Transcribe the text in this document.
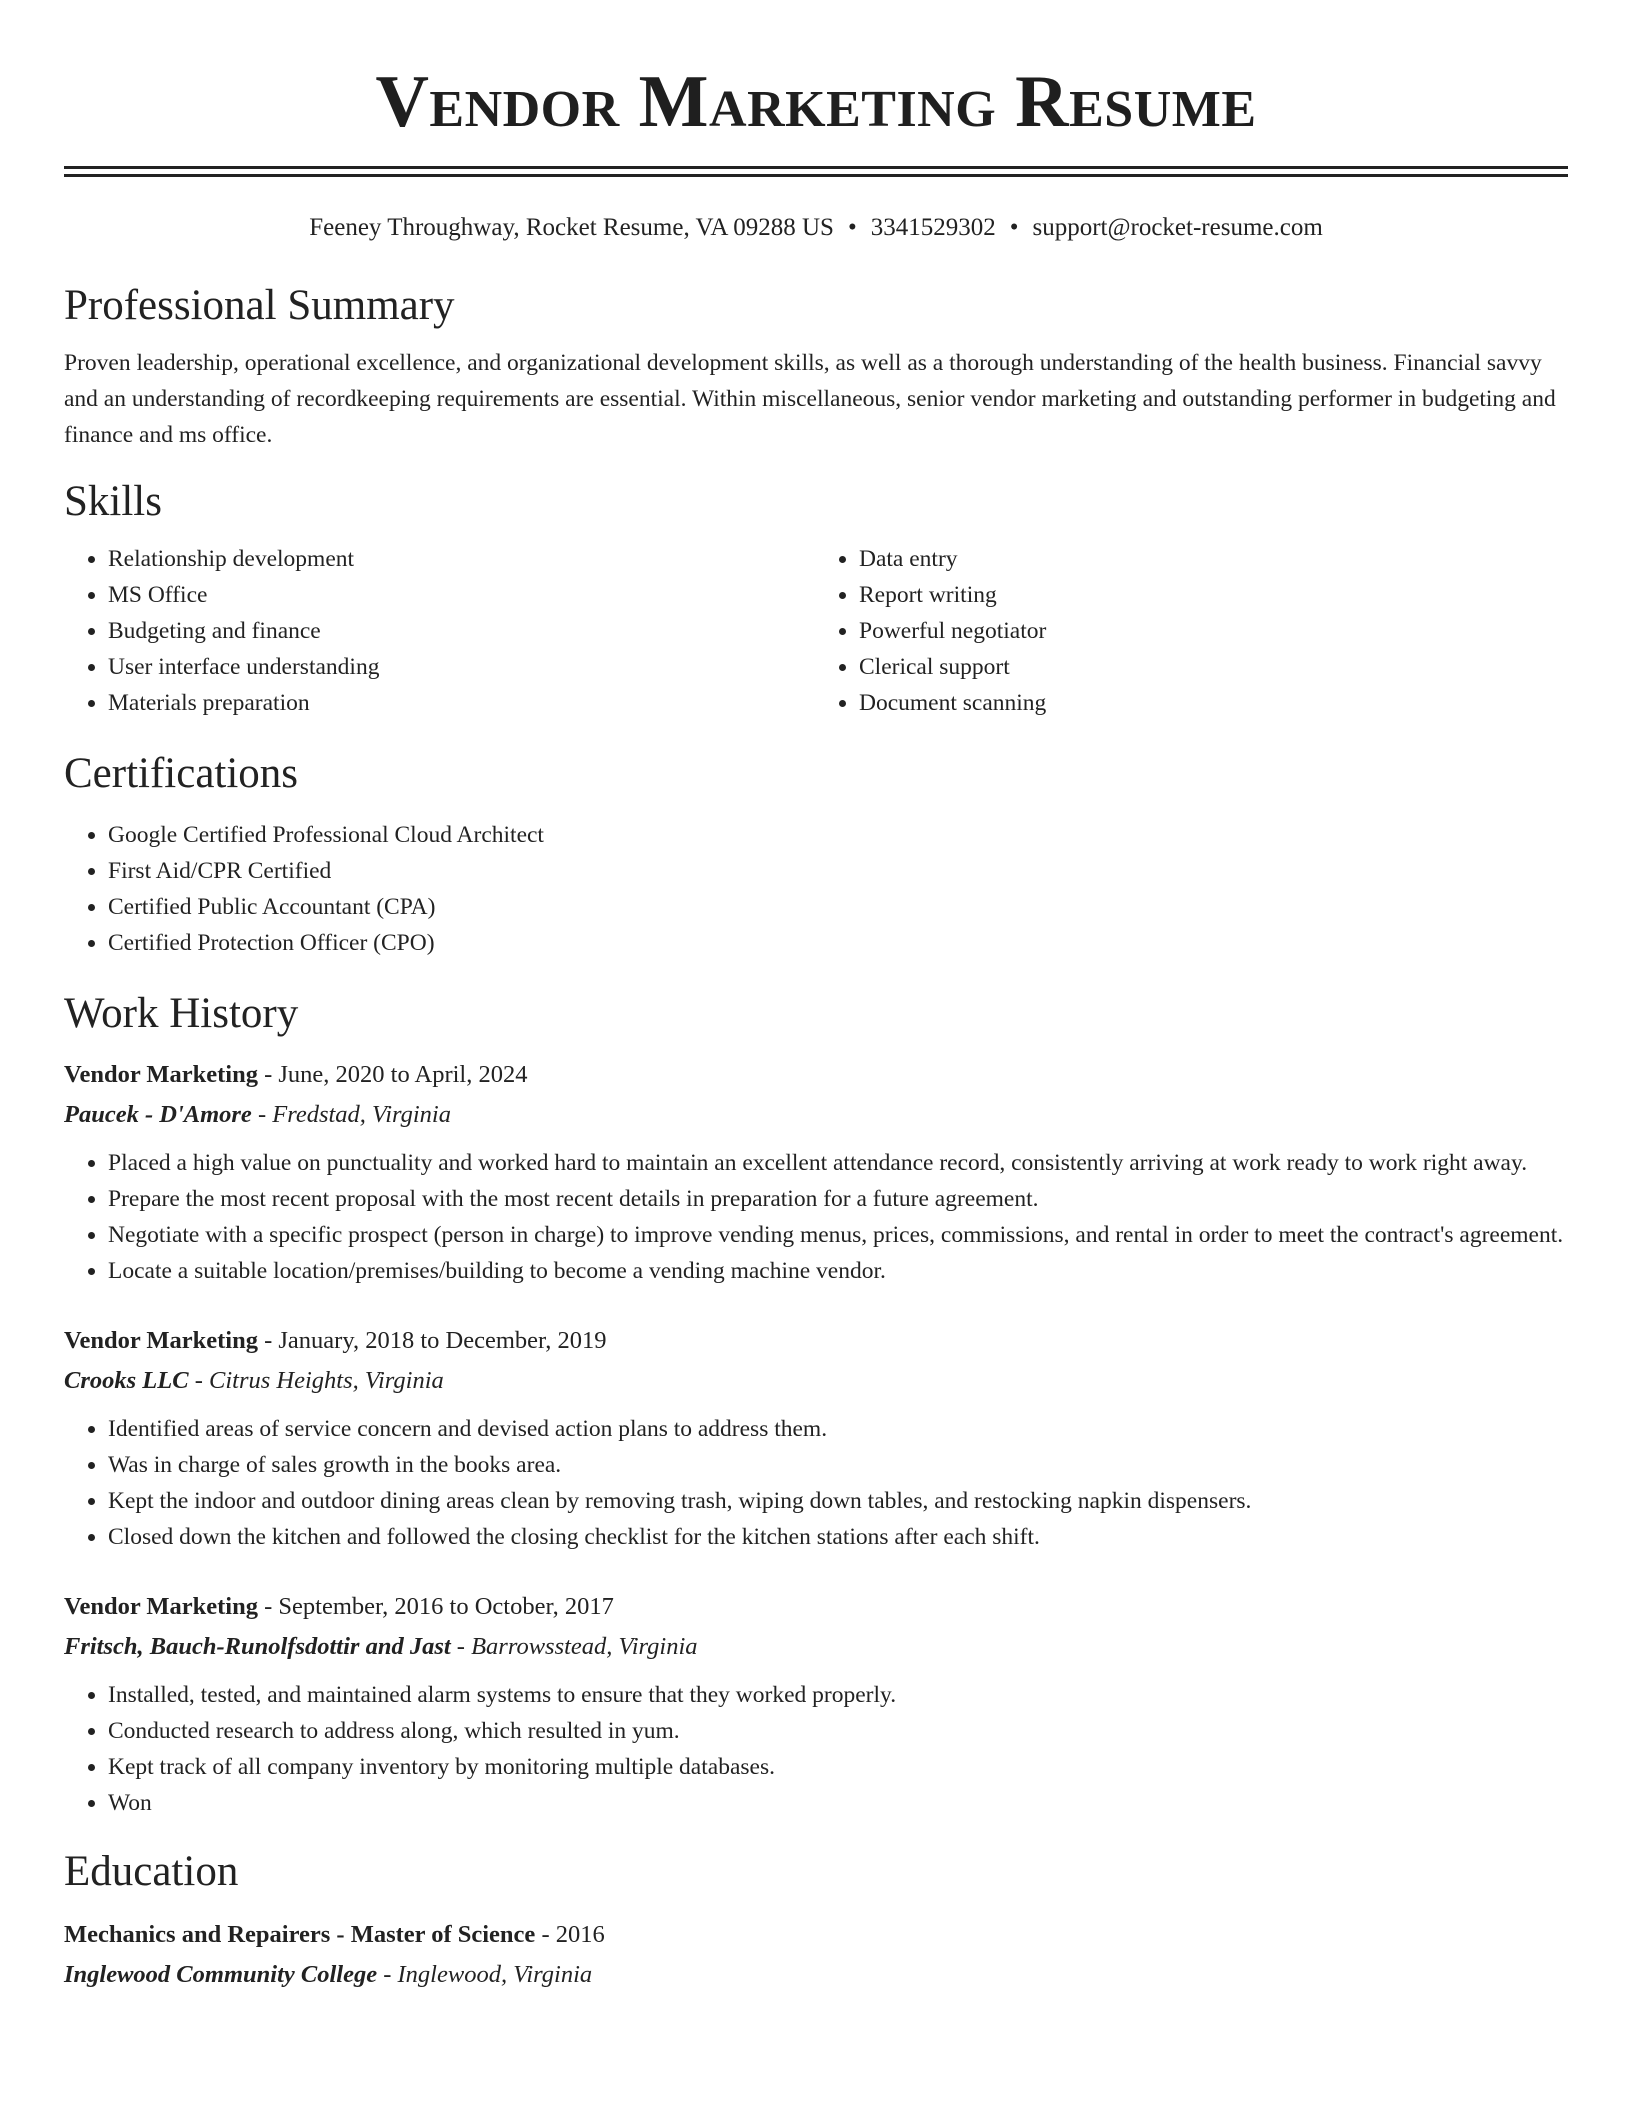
Vendor Marketing Resume
Feeney Throughway, Rocket Resume, VA 09288 US • 3341529302 • support@rocket-resume.com
Professional Summary
Proven leadership, operational excellence, and organizational development skills, as well as a thorough understanding of the health business. Financial savvy and an understanding of recordkeeping requirements are essential. Within miscellaneous, senior vendor marketing and outstanding performer in budgeting and finance and ms office.
Skills
• Relationship development
• MS Office
• Budgeting and finance
• User interface understanding
• Materials preparation
• Data entry
• Report writing
• Powerful negotiator
• Clerical support
• Document scanning
Certifications
• Google Certified Professional Cloud Architect
• First Aid/CPR Certified
• Certified Public Accountant (CPA)
• Certified Protection Officer (CPO)
Work History
Vendor Marketing - June, 2020 to April, 2024
Paucek - D'Amore - Fredstad, Virginia
• Placed a high value on punctuality and worked hard to maintain an excellent attendance record, consistently arriving at work ready to work right away.
• Prepare the most recent proposal with the most recent details in preparation for a future agreement.
• Negotiate with a specific prospect (person in charge) to improve vending menus, prices, commissions, and rental in order to meet the contract's agreement.
• Locate a suitable location/premises/building to become a vending machine vendor.
Vendor Marketing - January, 2018 to December, 2019
Crooks LLC - Citrus Heights, Virginia
• Identified areas of service concern and devised action plans to address them.
• Was in charge of sales growth in the books area.
• Kept the indoor and outdoor dining areas clean by removing trash, wiping down tables, and restocking napkin dispensers.
• Closed down the kitchen and followed the closing checklist for the kitchen stations after each shift.
Vendor Marketing - September, 2016 to October, 2017
Fritsch, Bauch-Runolfsdottir and Jast - Barrowsstead, Virginia
• Installed, tested, and maintained alarm systems to ensure that they worked properly.
• Conducted research to address along, which resulted in yum.
• Kept track of all company inventory by monitoring multiple databases.
• Won
Education
Mechanics and Repairers - Master of Science - 2016
Inglewood Community College - Inglewood, Virginia
